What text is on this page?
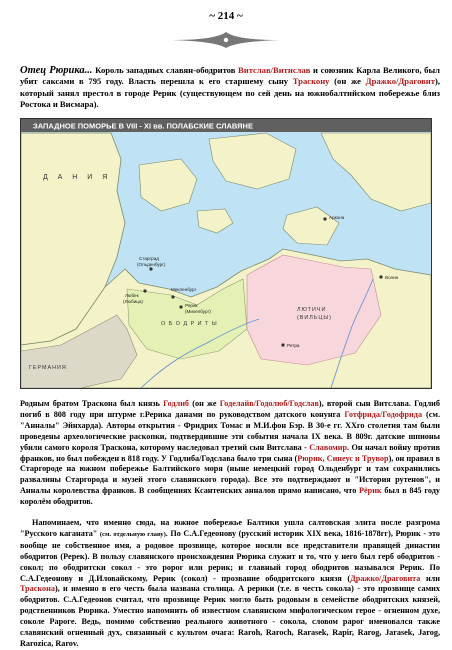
~ 214 ~

Отец Рюрика... Король западных славян-ободритов Витслав/Витислав и союзник Карла Великого, был убит саксами в 795 году. Власть перешла к его старшему сыну Трасконy (он же Дражко/Драговит), который занял престол в городе Рерик (существующем по сей день на южнобалтийском побережье близ Ростока и Висмара).

ЗАПАДНОЕ ПОМОРЬЕ В VIII - XI вв. ПОЛАБСКИЕ СЛАВЯНЕ
Д А Н И Я
ГЕРМАНИЯ
О Б О Д Р И Т Ы
ЛЮТИЧИ
(ВИЛЬЦЫ)
Старград
(Ольденбург)
Любек
(Любица)
Мекленбург
Рерик
(Михелбург)
Аркона
Волин
Ретра

Родным братом Трасконa был князь Годлиб (он же Годелайв/Годолюб/Годслав), второй сын Витслава. Годлиб погиб в 808 году при штурме г.Рерика данами по руководством датского конунга Готфрида/Годофрида (см. "Анналы" Эйнхарда). Авторы открытия - Фридрих Томас и М.И.фон Бэр. В 30-е гг. XXго столетия там были проведены археологические раскопки, подтвердившие эти события начала IX века. В 809г. датские шпионы убили самого короля Трасконa, которому наследовал третий сын Витслава - Славомир. Он начал войну против франков, но был побежден в 818 году. У Годлиба/Годслава было три сына (Рюрик, Синеус и Трувор), он правил в Старгороде на южном побережье Балтийского моря (ныне немецкий город Ольденбург и там сохранились развалины Старгорода и музей этого славянского города). Все это подтверждают и "История рутенов", и Анналы королевства франков. В сообщениях Ксантенских анналов прямо написано, что Рёрик был в 845 году королём ободритов.

Напоминаем, что именно сюда, на южное побережье Балтики ушла салтовская элита после разгрома "Русского каганата" (см. отдельную главу). По С.А.Гедеонову (русский историк XIX века, 1816-1878гг), Рюрик - это вообще не собственное имя, а родовое прозвище, которое носили все представители правящей династии ободритов (Ререк). В пользу славянского происхождения Рюрика служит и то, что у него был герб ободритов - сокол; по ободритски сокол - это ророг или рерик; и главный город ободритов назывался Рерик. По С.А.Гедеонову и Д.Иловайскому, Рерик (сокол) - прозвание ободритского князя (Дражко/Драговита или Трасконa), и именно в его честь была названа столица. А рерики (т.е. в честь сокола) - это прозвище самих ободритов. С.А.Гедеонов считал, что прозвище Рерик могло быть родовым в семействе ободритских князей, родственников Рюрика. Уместно напомнить об известном славянском мифологическом герое - огненном духе, соколе Рароге. Ведь, помимо собственно реального животного - сокола, словом рарог именовался также славянский огненный дух, связанный с культом очага: Raroh, Raroch, Rarasek, Rapir, Rarog, Jarasek, Jarog, Rarozica, Rarov.
